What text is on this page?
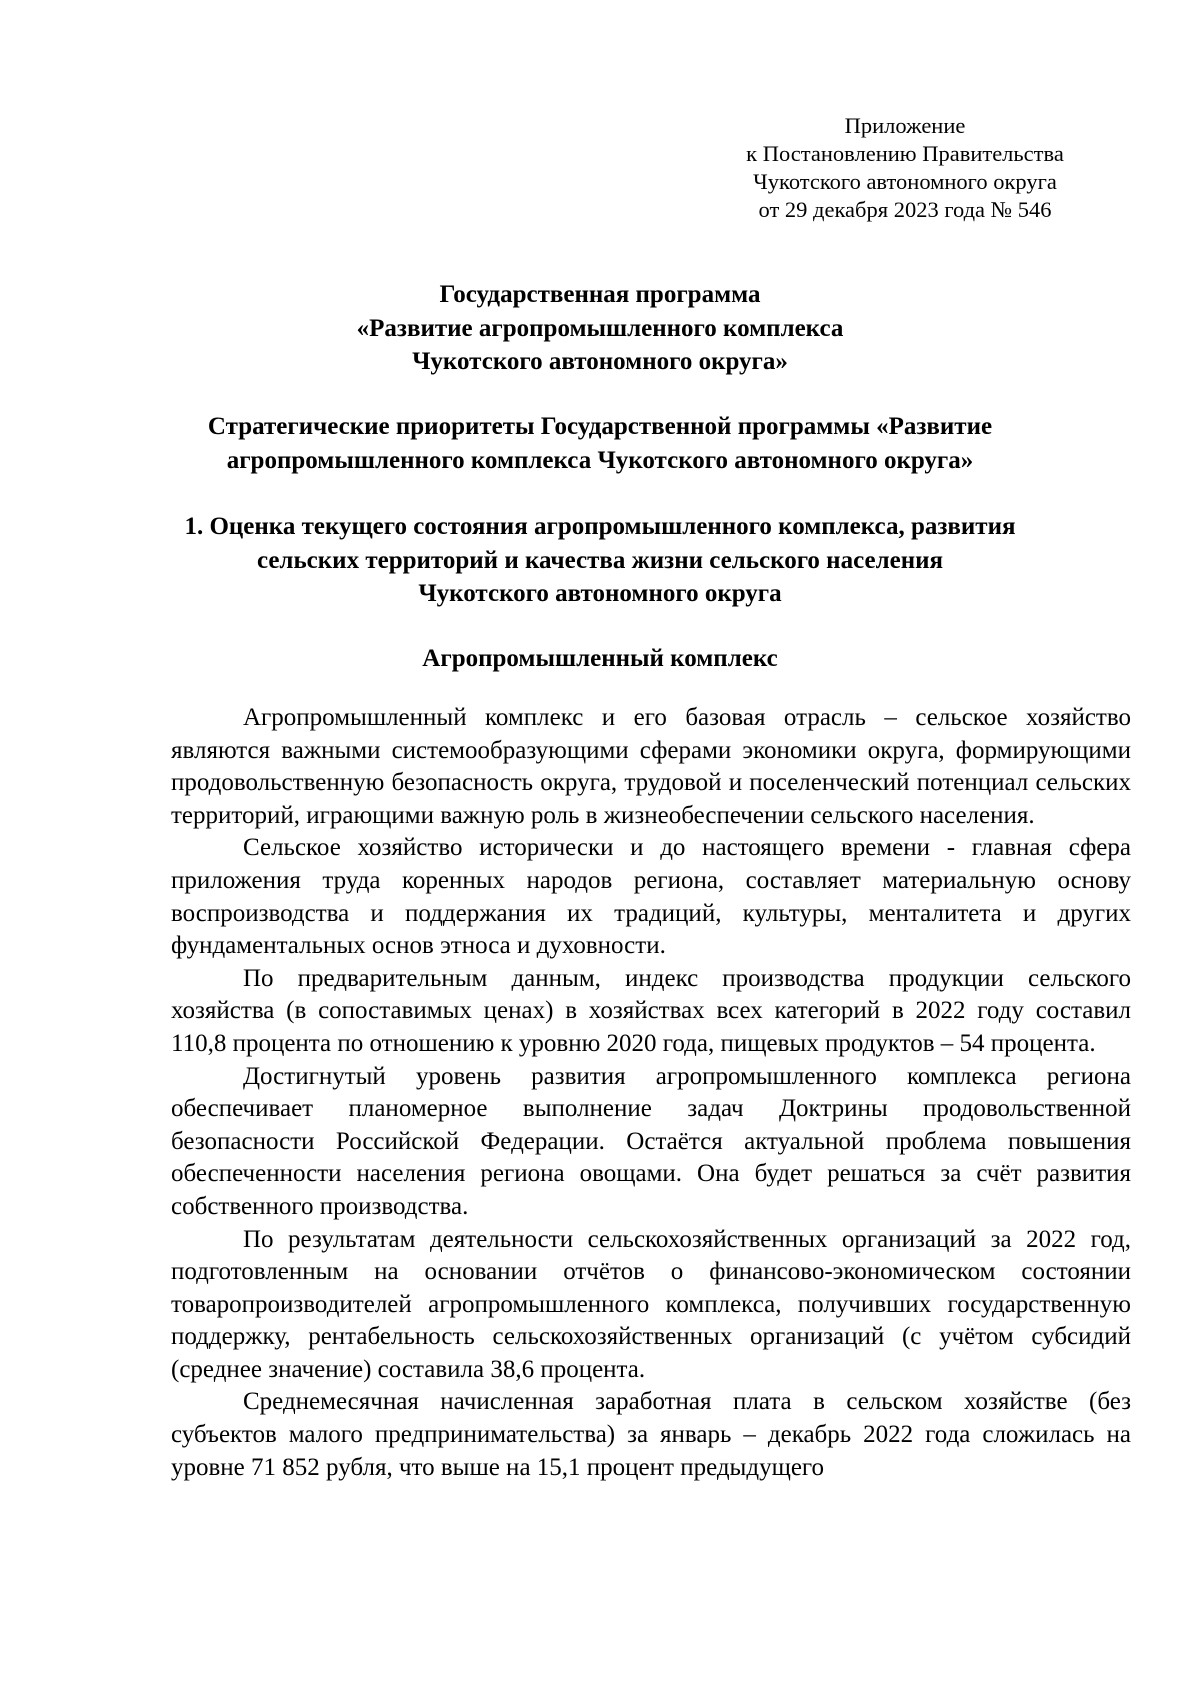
Приложение
к Постановлению Правительства
Чукотского автономного округа
от 29 декабря 2023 года № 546
Государственная программа
«Развитие агропромышленного комплекса
Чукотского автономного округа»
Стратегические приоритеты Государственной программы «Развитие
агропромышленного комплекса Чукотского автономного округа»
1. Оценка текущего состояния агропромышленного комплекса, развития
сельских территорий и качества жизни сельского населения
Чукотского автономного округа
Агропромышленный комплекс

Агропромышленный комплекс и его базовая отрасль – сельское хозяйство являются важными системообразующими сферами экономики округа, формирующими продовольственную безопасность округа, трудовой и поселенческий потенциал сельских территорий, играющими важную роль в жизнеобеспечении сельского населения.

Сельское хозяйство исторически и до настоящего времени - главная сфера приложения труда коренных народов региона, составляет материальную основу воспроизводства и поддержания их традиций, культуры, менталитета и других фундаментальных основ этноса и духовности.

По предварительным данным, индекс производства продукции сельского хозяйства (в сопоставимых ценах) в хозяйствах всех категорий в 2022 году составил 110,8 процента по отношению к уровню 2020 года, пищевых продуктов – 54 процента.

Достигнутый уровень развития агропромышленного комплекса региона обеспечивает планомерное выполнение задач Доктрины продовольственной безопасности Российской Федерации. Остаётся актуальной проблема повышения обеспеченности населения региона овощами. Она будет решаться за счёт развития собственного производства.

По результатам деятельности сельскохозяйственных организаций за 2022 год, подготовленным на основании отчётов о финансово-экономическом состоянии товаропроизводителей агропромышленного комплекса, получивших государственную поддержку, рентабельность сельскохозяйственных организаций (с учётом субсидий (среднее значение) составила 38,6 процента.

Среднемесячная начисленная заработная плата в сельском хозяйстве (без субъектов малого предпринимательства) за январь – декабрь 2022 года сложилась на уровне 71 852 рубля, что выше на 15,1 процент предыдущего
